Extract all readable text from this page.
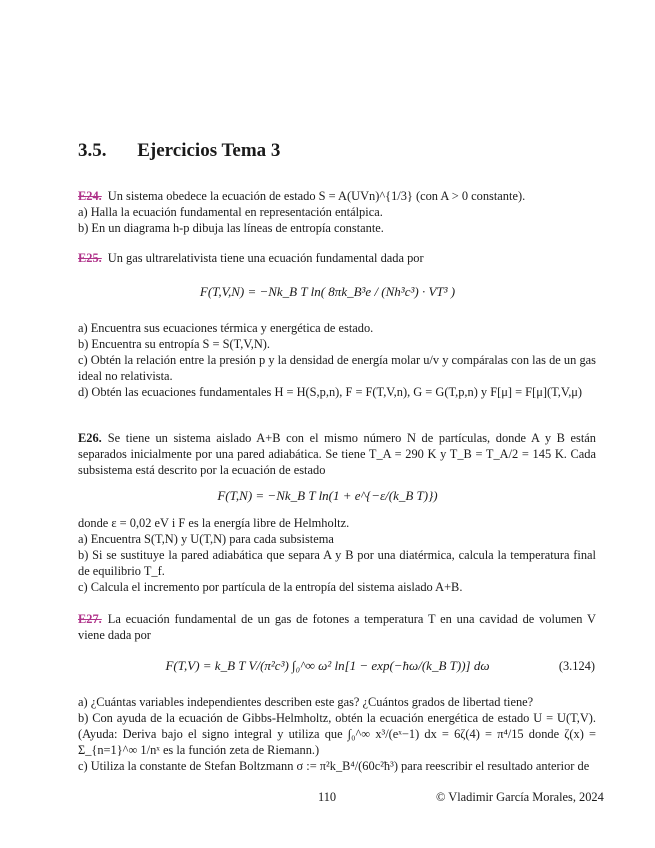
3.5. Ejercicios Tema 3
E24. Un sistema obedece la ecuación de estado S = A(UVn)^{1/3} (con A > 0 constante).
a) Halla la ecuación fundamental en representación entálpica.
b) En un diagrama h-p dibuja las líneas de entropía constante.
E25. Un gas ultrarelativista tiene una ecuación fundamental dada por
F(T,V,N) = −Nk_B T ln( 8πk_B³e / (Nh³c³) · VT³ )
a) Encuentra sus ecuaciones térmica y energética de estado.
b) Encuentra su entropía S = S(T,V,N).
c) Obtén la relación entre la presión p y la densidad de energía molar u/v y compáralas con las de un gas ideal no relativista.
d) Obtén las ecuaciones fundamentales H = H(S,p,n), F = F(T,V,n), G = G(T,p,n) y F[μ] = F[μ](T,V,μ)
E26. Se tiene un sistema aislado A+B con el mismo número N de partículas, donde A y B están separados inicialmente por una pared adiabática. Se tiene T_A = 290 K y T_B = T_A/2 = 145 K. Cada subsistema está descrito por la ecuación de estado
F(T,N) = −Nk_B T ln(1 + e^{−ε/(k_B T)})
donde ε = 0,02 eV i F es la energía libre de Helmholtz.
a) Encuentra S(T,N) y U(T,N) para cada subsistema
b) Si se sustituye la pared adiabática que separa A y B por una diatérmica, calcula la temperatura final de equilibrio T_f.
c) Calcula el incremento por partícula de la entropía del sistema aislado A+B.
E27. La ecuación fundamental de un gas de fotones a temperatura T en una cavidad de volumen V viene dada por
F(T,V) = k_B T V/(π²c³) ∫₀^∞ ω² ln[1 − exp(−ħω/(k_B T))] dω	(3.124)
a) ¿Cuántas variables independientes describen este gas? ¿Cuántos grados de libertad tiene?
b) Con ayuda de la ecuación de Gibbs-Helmholtz, obtén la ecuación energética de estado U = U(T,V). (Ayuda: Deriva bajo el signo integral y utiliza que ∫₀^∞ x³/(eˣ−1) dx = 6ζ(4) = π⁴/15 donde ζ(x) = Σ_{n=1}^∞ 1/nˣ es la función zeta de Riemann.)
c) Utiliza la constante de Stefan Boltzmann σ := π²k_B⁴/(60c²ħ³) para reescribir el resultado anterior de
110	© Vladimir García Morales, 2024
